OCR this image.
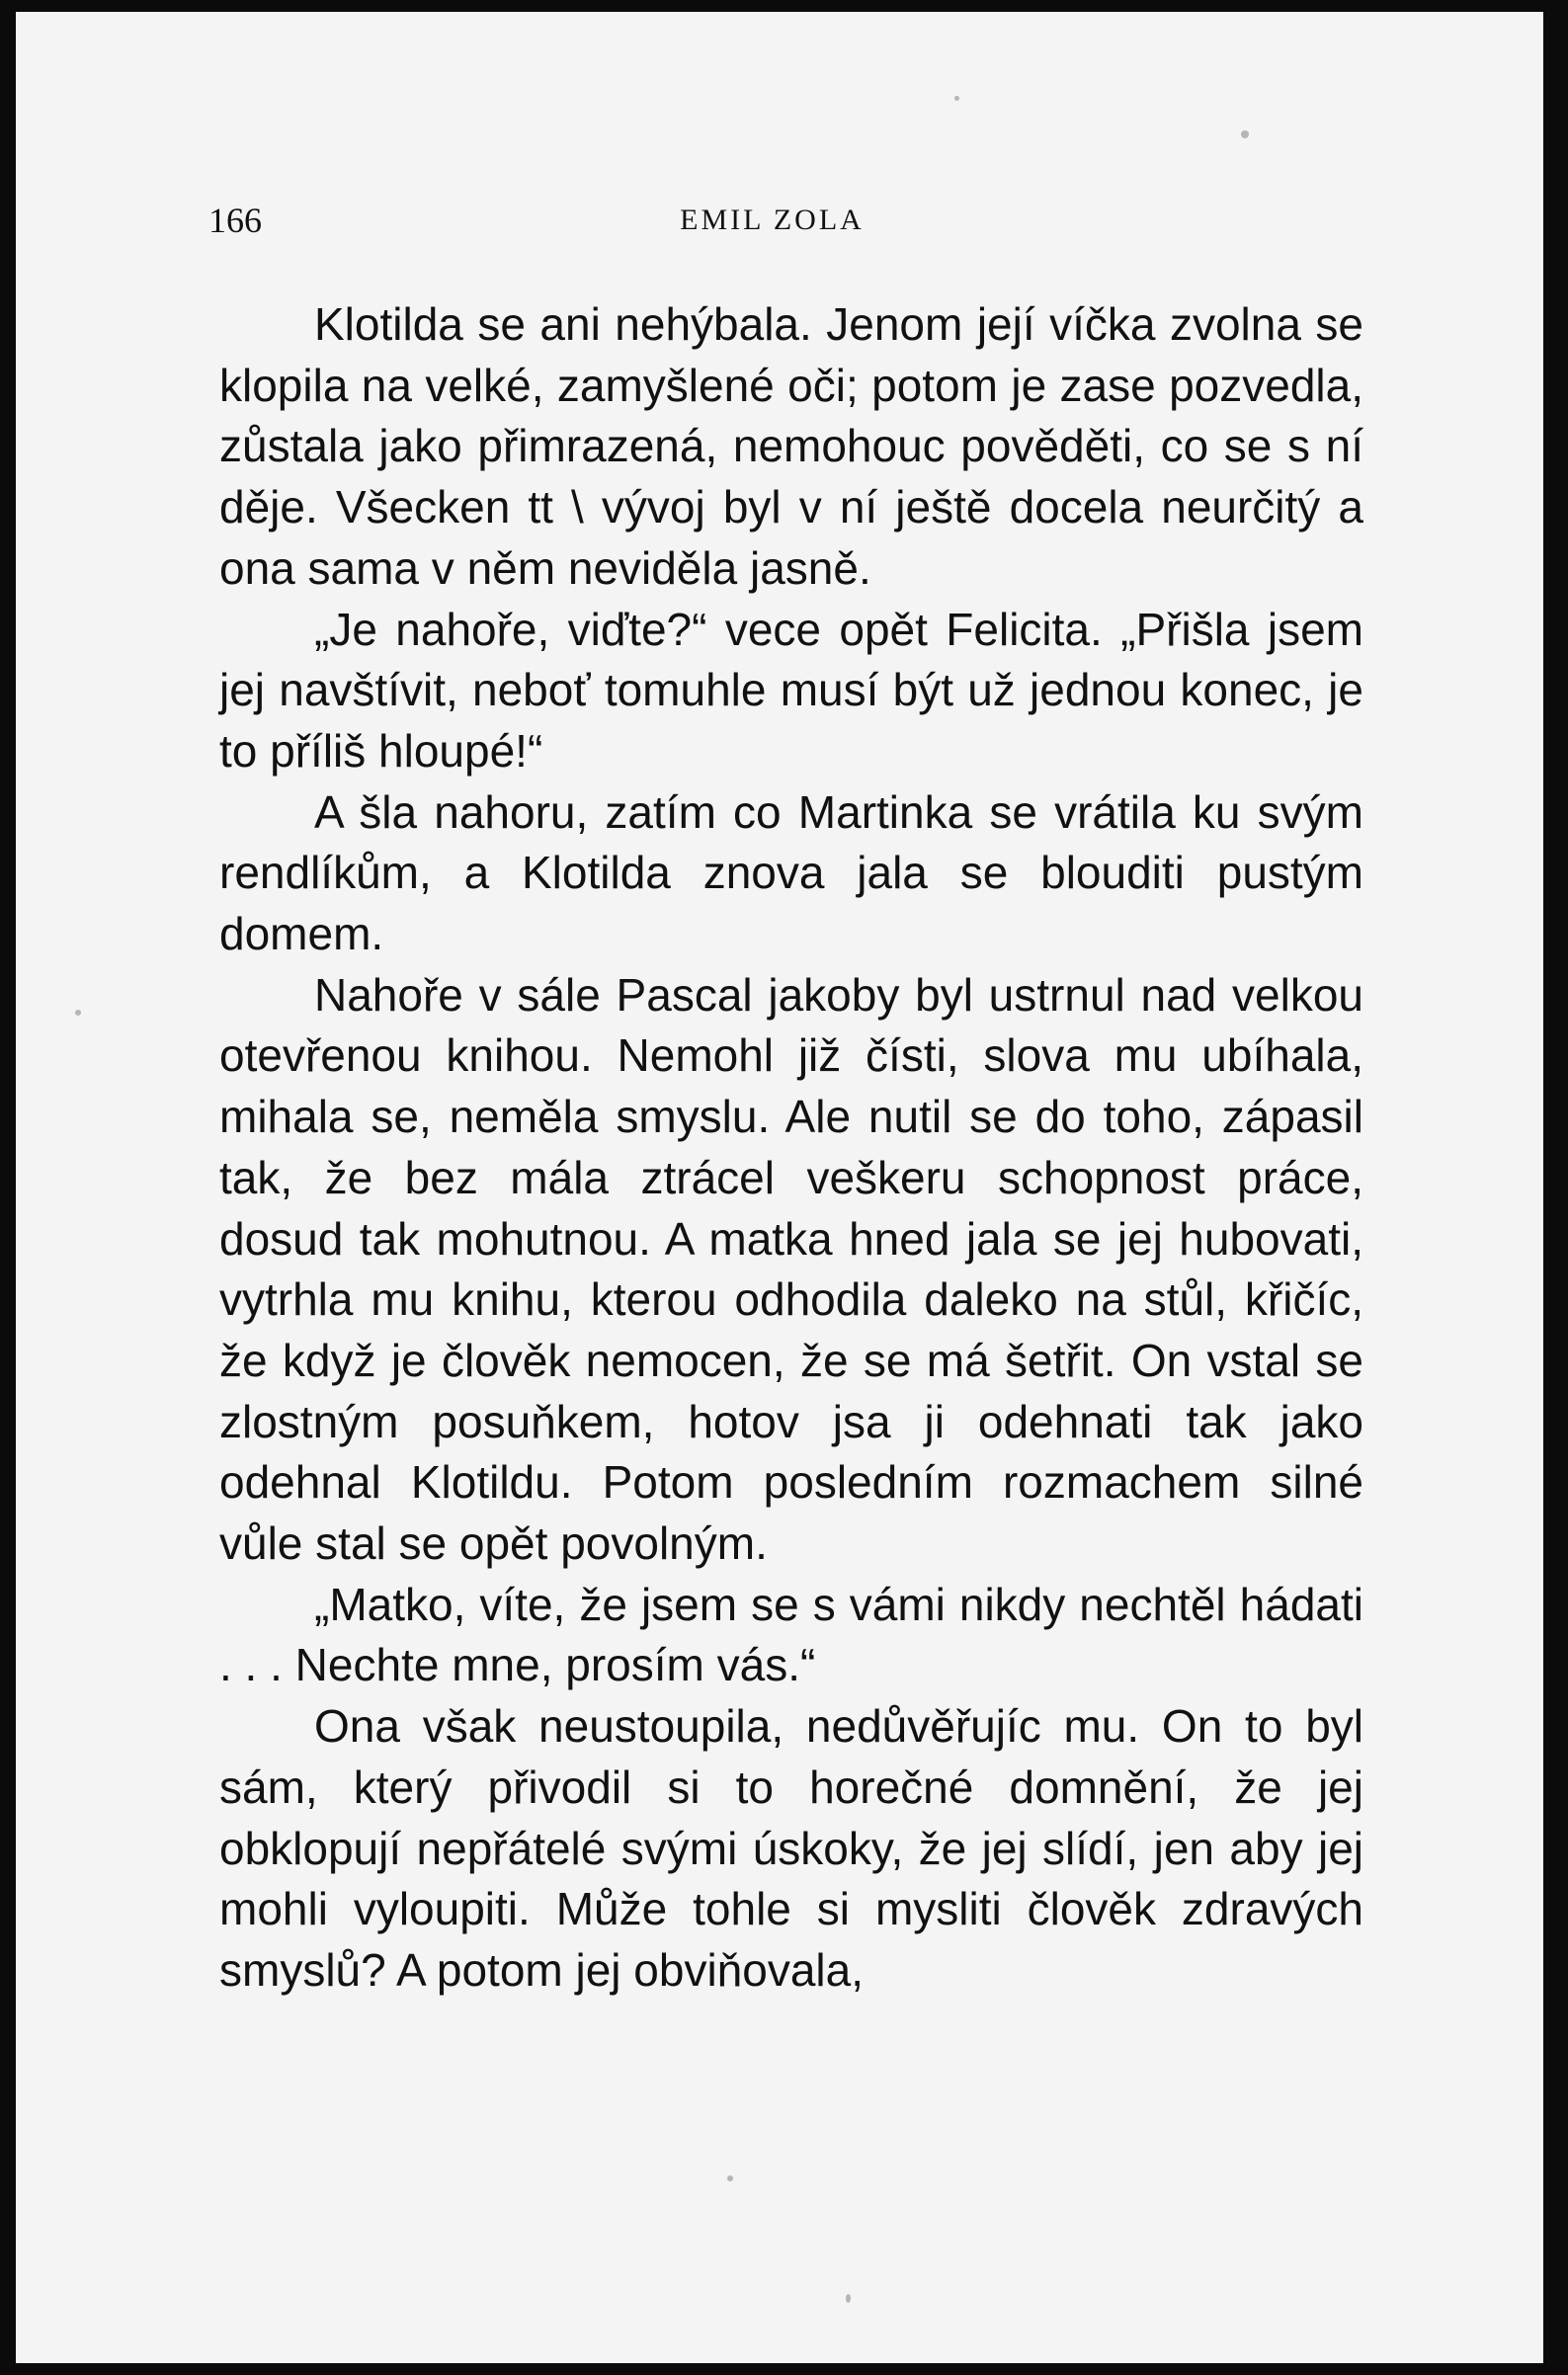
166	EMIL ZOLA

Klotilda se ani nehýbala. Jenom její víčka zvolna se klopila na velké, zamyšlené oči; potom je zase pozvedla, zůstala jako přimrazená, nemohouc pověděti, co se s ní děje. Všecken tt \ vývoj byl v ní ještě docela neurčitý a ona sama v něm neviděla jasně.

„Je nahoře, viďte?“ vece opět Felicita. „Přišla jsem jej navštívit, neboť tomuhle musí být už jednou konec, je to příliš hloupé!“

A šla nahoru, zatím co Martinka se vrátila ku svým rendlíkům, a Klotilda znova jala se blouditi pustým domem.

Nahoře v sále Pascal jakoby byl ustrnul nad velkou otevřenou knihou. Nemohl již čísti, slova mu ubíhala, mihala se, neměla smyslu. Ale nutil se do toho, zápasil tak, že bez mála ztrácel veškeru schopnost práce, dosud tak mohutnou. A matka hned jala se jej hubovati, vytrhla mu knihu, kterou odhodila daleko na stůl, křičíc, že když je člověk nemocen, že se má šetřit. On vstal se zlostným posuňkem, hotov jsa ji odehnati tak jako odehnal Klotildu. Potom posledním rozmachem silné vůle stal se opět povolným.

„Matko, víte, že jsem se s vámi nikdy nechtěl hádati . . . Nechte mne, prosím vás.“

Ona však neustoupila, nedůvěřujíc mu. On to byl sám, který přivodil si to horečné domnění, že jej obklopují nepřátelé svými úskoky, že jej slídí, jen aby jej mohli vyloupiti. Může tohle si mysliti člověk zdravých smyslů? A potom jej obviňovala,
